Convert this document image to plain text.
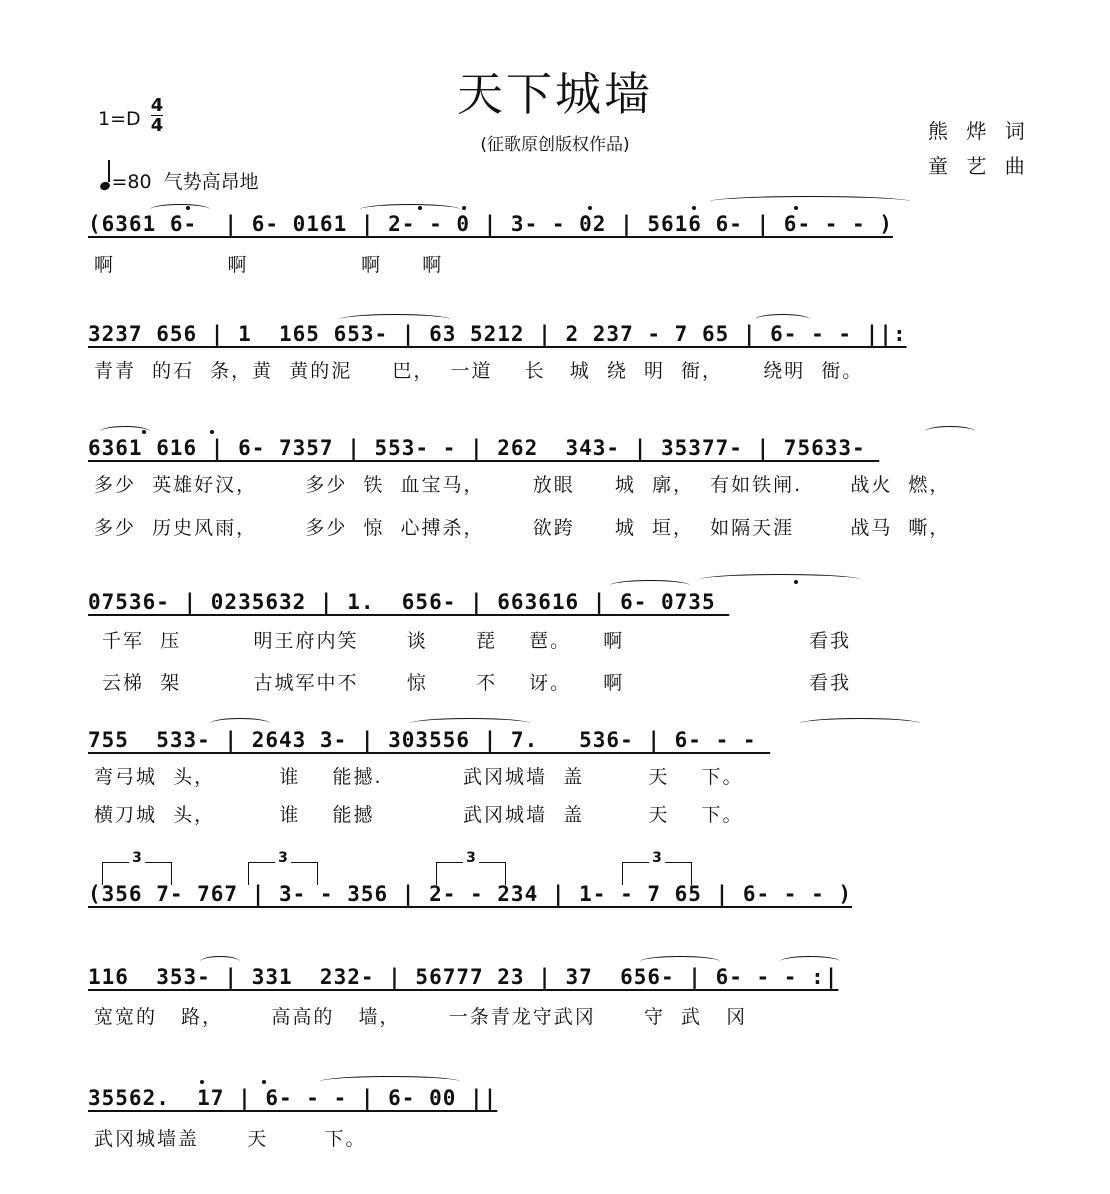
天下城墙
(征歌原创版权作品)
1=D
4
4
=80 气势高昂地
熊 烨 词
童 艺 曲
(6361 6-  | 6- 0161 | 2- - 0 | 3- - 02 | 5616 6- | 6- - - )
啊              啊              啊     啊
3237 656 | 1  165 653- | 63 5212 | 2 237 - 7 65 | 6- - - ||:
青青  的石  条，黄  黄的泥     巴，  一道    长   城  绕  明  衙，     绕明  衙。
6361 616 | 6- 7357 | 553- - | 262  343- | 35377- | 75633-
多少  英雄好汉，      多少  铁  血宝马，      放眼     城  廓，  有如铁闸.      战火  燃，
多少  历史风雨，      多少  惊  心搏杀，      欲跨     城  垣，  如隔天涯       战马  嘶，
07536- | 0235632 | 1.  656- | 663616 | 6- 0735
千军  压         明王府内笑      谈      琵    琶。    啊                       看我
云梯  架         古城军中不      惊      不    讶。    啊                       看我
755  533- | 2643 3- | 303556 | 7.   536- | 6- - -
弯弓城  头，        谁    能撼.          武冈城墙  盖        天    下。
横刀城  头，        谁    能撼           武冈城墙  盖        天    下。
3	3	3	3
(356 7- 767 | 3- - 356 | 2- - 234 | 1- - 7 65 | 6- - - )
116  353- | 331  232- | 56777 23 | 37  656- | 6- - - :|
宽宽的   路，      高高的   墙，      一条青龙守武冈      守  武   冈
35562.  17 | 6- - - | 6- 00 ||
武冈城墙盖      天       下。
